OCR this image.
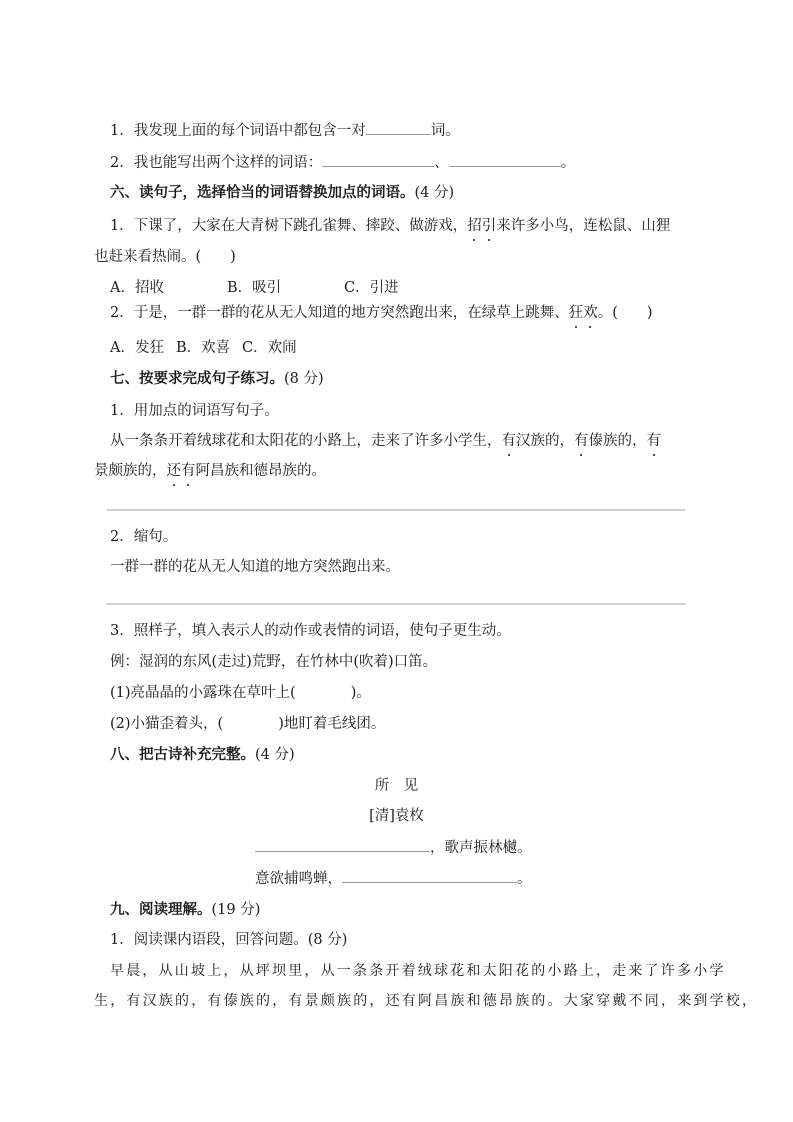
1．我发现上面的每个词语中都包含一对	词。
2．我也能写出两个这样的词语：	、	。
六、读句子，选择恰当的词语替换加点的词语。(4 分)
1．下课了，大家在大青树下跳孔雀舞、摔跤、做游戏，招引来许多小鸟，连松鼠、山狸
也赶来看热闹。(　　)
A．招收	B．吸引	C．引进
2．于是，一群一群的花从无人知道的地方突然跑出来，在绿草上跳舞、狂欢。(　　)
A．发狂 B．欢喜 C．欢闹
七、按要求完成句子练习。(8 分)
1．用加点的词语写句子。
从一条条开着绒球花和太阳花的小路上，走来了许多小学生，有汉族的，有傣族的，有
景颇族的，还有阿昌族和德昂族的。
2．缩句。
一群一群的花从无人知道的地方突然跑出来。
3．照样子，填入表示人的动作或表情的词语，使句子更生动。
例：湿润的东风(走过)荒野，在竹林中(吹着)口笛。
(1)亮晶晶的小露珠在草叶上(	)。
(2)小猫歪着头，(	)地盯着毛线团。
八、把古诗补充完整。(4 分)
所　见
[清]袁枚
，歌声振林樾。
意欲捕鸣蝉，	。
九、阅读理解。(19 分)
1．阅读课内语段，回答问题。(8 分)
早晨，从山坡上，从坪坝里，从一条条开着绒球花和太阳花的小路上，走来了许多小学
生，有汉族的，有傣族的，有景颇族的，还有阿昌族和德昂族的。大家穿戴不同，来到学校，
